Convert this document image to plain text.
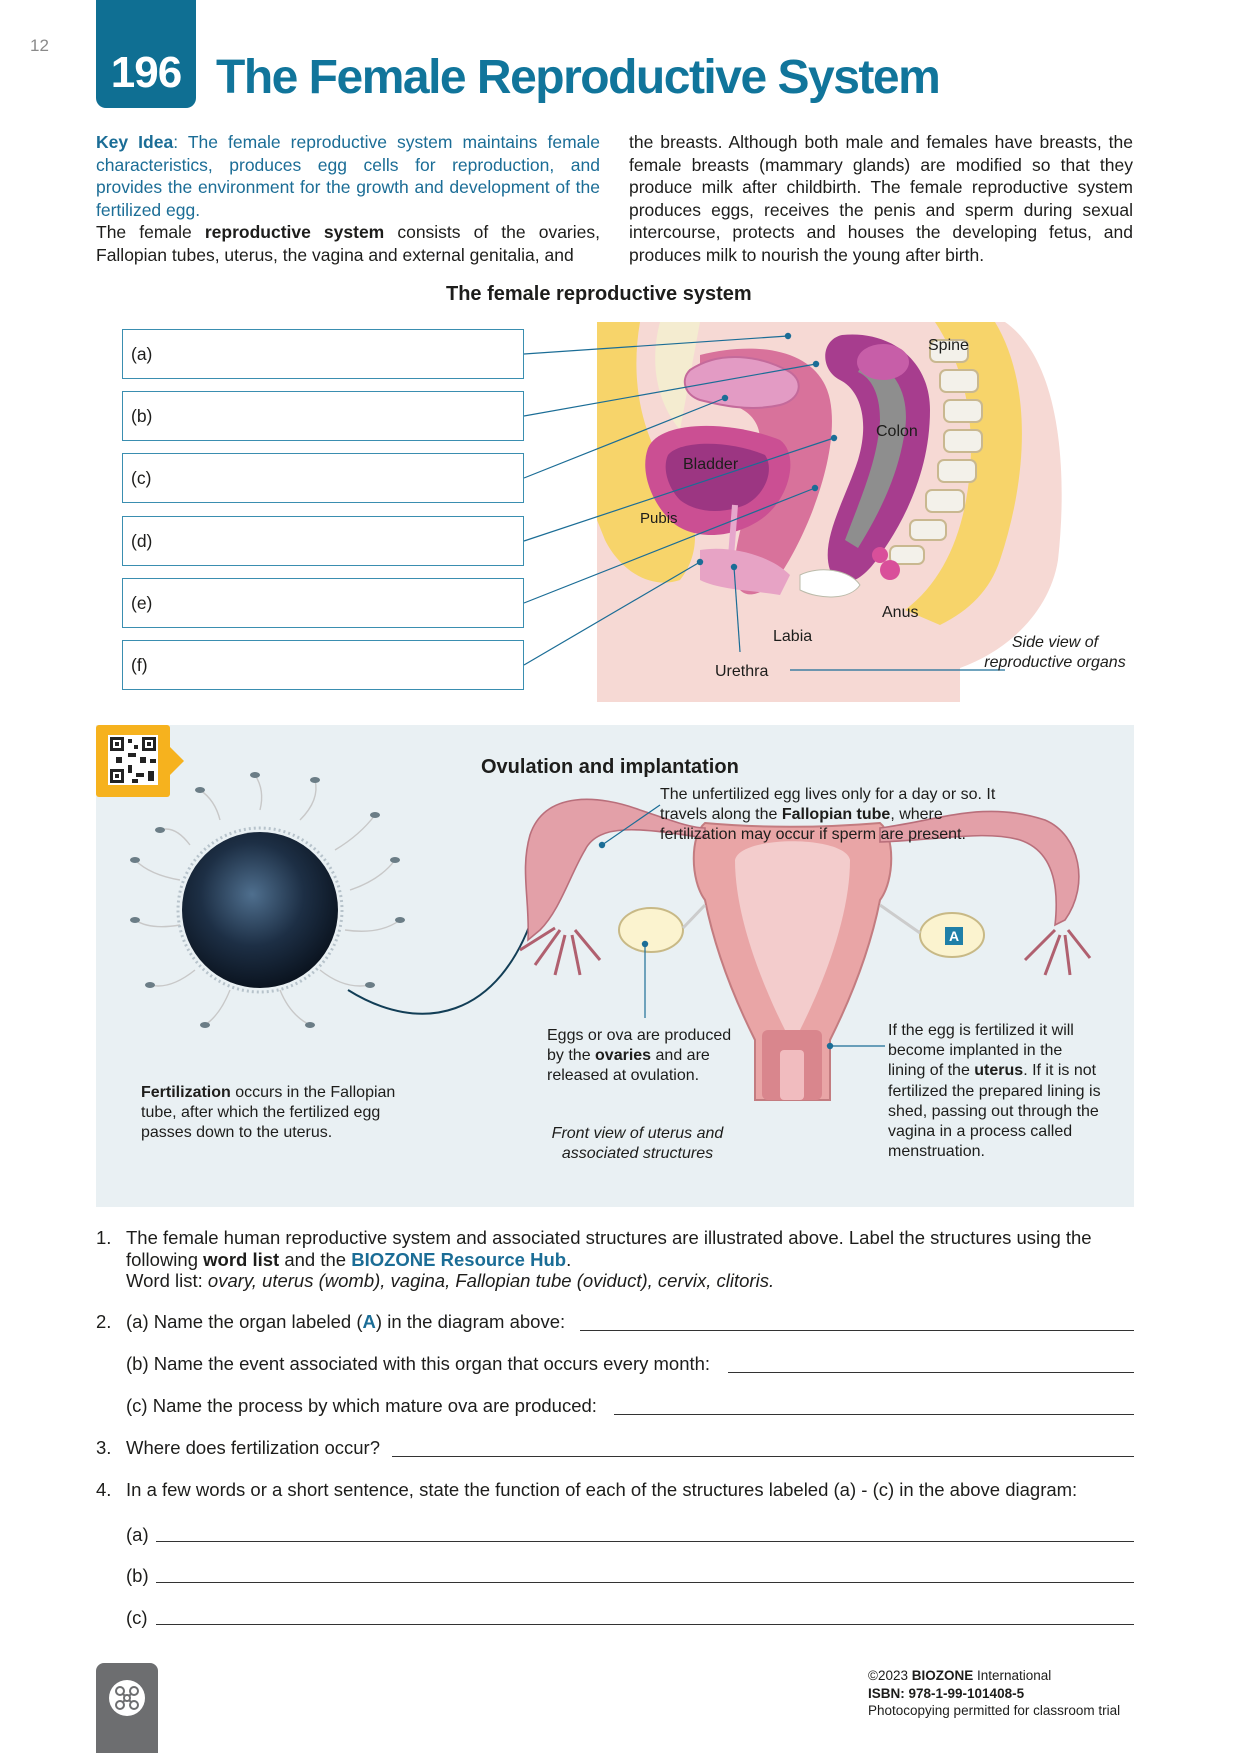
12
196 The Female Reproductive System
Key Idea: The female reproductive system maintains female characteristics, produces egg cells for reproduction, and provides the environment for the growth and development of the fertilized egg.
The female reproductive system consists of the ovaries, Fallopian tubes, uterus, the vagina and external genitalia, and
the breasts. Although both male and females have breasts, the female breasts (mammary glands) are modified so that they produce milk after childbirth. The female reproductive system produces eggs, receives the penis and sperm during sexual intercourse, protects and houses the developing fetus, and produces milk to nourish the young after birth.
The female reproductive system
(a)
(b)
(c)
(d)
(e)
(f)
Spine
Colon
Bladder
Pubis
Anus
Labia
Urethra
Side view of
reproductive organs
Ovulation and implantation
A
The unfertilized egg lives only for a day or so. It travels along the Fallopian tube, where fertilization may occur if sperm are present.
Eggs or ova are produced by the ovaries and are released at ovulation.
If the egg is fertilized it will become implanted in the lining of the uterus. If it is not fertilized the prepared lining is shed, passing out through the vagina in a process called menstruation.
Fertilization occurs in the Fallopian tube, after which the fertilized egg passes down to the uterus.	Front view of uterus and
associated structures
1. The female human reproductive system and associated structures are illustrated above. Label the structures using the
following word list and the BIOZONE Resource Hub.
Word list: ovary, uterus (womb), vagina, Fallopian tube (oviduct), cervix, clitoris.
2. (a) Name the organ labeled (A) in the diagram above:
(b) Name the event associated with this organ that occurs every month:
(c) Name the process by which mature ova are produced:
3. Where does fertilization occur?
4. In a few words or a short sentence, state the function of each of the structures labeled (a) - (c) in the above diagram:
(a)
(b)
(c)
©2023 BIOZONE International
ISBN: 978-1-99-101408-5
Photocopying permitted for classroom trial
